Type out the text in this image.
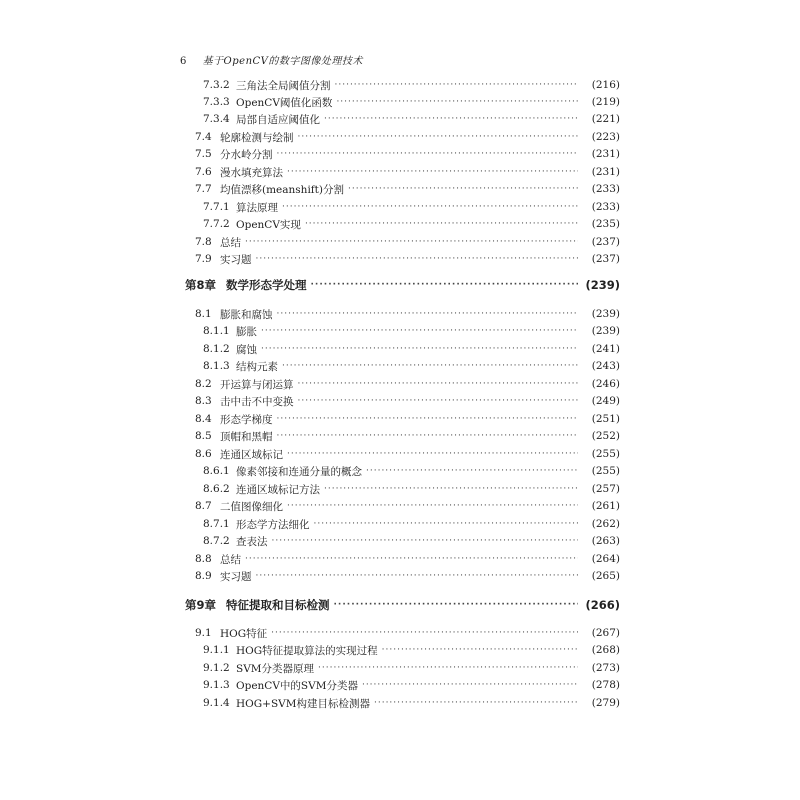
6 基于OpenCV的数字图像处理技术
7.3.2 三角法全局阈值分割 ·····	(216)
7.3.3 OpenCV阈值化函数 ·····	(219)
7.3.4 局部自适应阈值化 ·····	(221)
7.4 轮廓检测与绘制 ·····	(223)
7.5 分水岭分割 ·····	(231)
7.6 漫水填充算法 ·····	(231)
7.7 均值漂移(meanshift)分割 ·····	(233)
7.7.1 算法原理 ·····	(233)
7.7.2 OpenCV实现 ·····	(235)
7.8 总结 ·····	(237)
7.9 实习题 ·····	(237)
第8章 数学形态学处理 ·····	(239)
8.1 膨胀和腐蚀 ·····	(239)
8.1.1 膨胀 ·····	(239)
8.1.2 腐蚀 ·····	(241)
8.1.3 结构元素 ·····	(243)
8.2 开运算与闭运算 ·····	(246)
8.3 击中击不中变换 ·····	(249)
8.4 形态学梯度 ·····	(251)
8.5 顶帽和黑帽 ·····	(252)
8.6 连通区域标记 ·····	(255)
8.6.1 像素邻接和连通分量的概念 ·····	(255)
8.6.2 连通区域标记方法 ·····	(257)
8.7 二值图像细化 ·····	(261)
8.7.1 形态学方法细化 ·····	(262)
8.7.2 查表法 ·····	(263)
8.8 总结 ·····	(264)
8.9 实习题 ·····	(265)
第9章 特征提取和目标检测 ·····	(266)
9.1 HOG特征 ·····	(267)
9.1.1 HOG特征提取算法的实现过程 ·····	(268)
9.1.2 SVM分类器原理 ·····	(273)
9.1.3 OpenCV中的SVM分类器 ·····	(278)
9.1.4 HOG+SVM构建目标检测器 ·····	(279)
